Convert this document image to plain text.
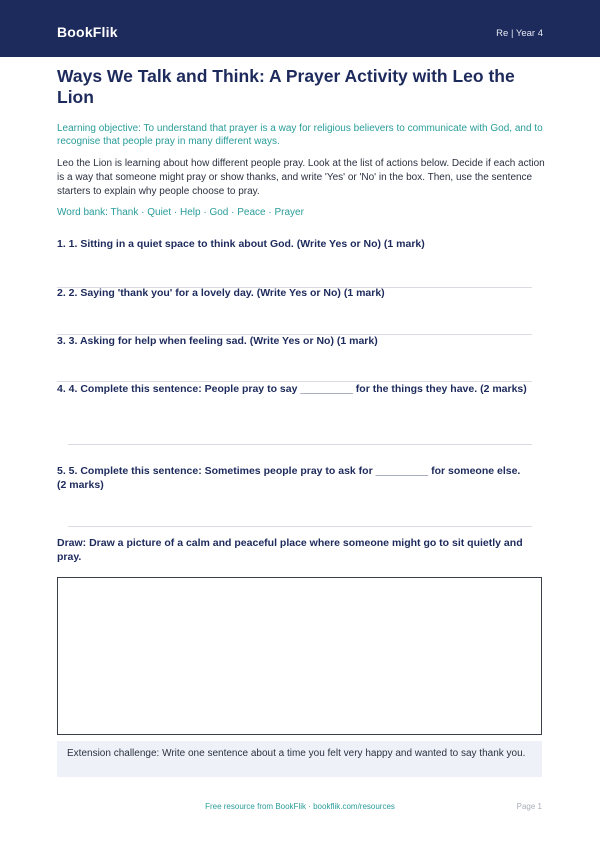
BookFlik	Re | Year 4
Ways We Talk and Think: A Prayer Activity with Leo the Lion
Learning objective: To understand that prayer is a way for religious believers to communicate with God, and to recognise that people pray in many different ways.
Leo the Lion is learning about how different people pray. Look at the list of actions below. Decide if each action is a way that someone might pray or show thanks, and write 'Yes' or 'No' in the box. Then, use the sentence starters to explain why people choose to pray.
Word bank: Thank · Quiet · Help · God · Peace · Prayer
1. 1. Sitting in a quiet space to think about God. (Write Yes or No) (1 mark)
2. 2. Saying 'thank you' for a lovely day. (Write Yes or No) (1 mark)
3. 3. Asking for help when feeling sad. (Write Yes or No) (1 mark)
4. 4. Complete this sentence: People pray to say _________ for the things they have. (2 marks)
5. 5. Complete this sentence: Sometimes people pray to ask for _________ for someone else. (2 marks)
Draw: Draw a picture of a calm and peaceful place where someone might go to sit quietly and pray.
Extension challenge: Write one sentence about a time you felt very happy and wanted to say thank you.
Free resource from BookFlik · bookflik.com/resources	Page 1
